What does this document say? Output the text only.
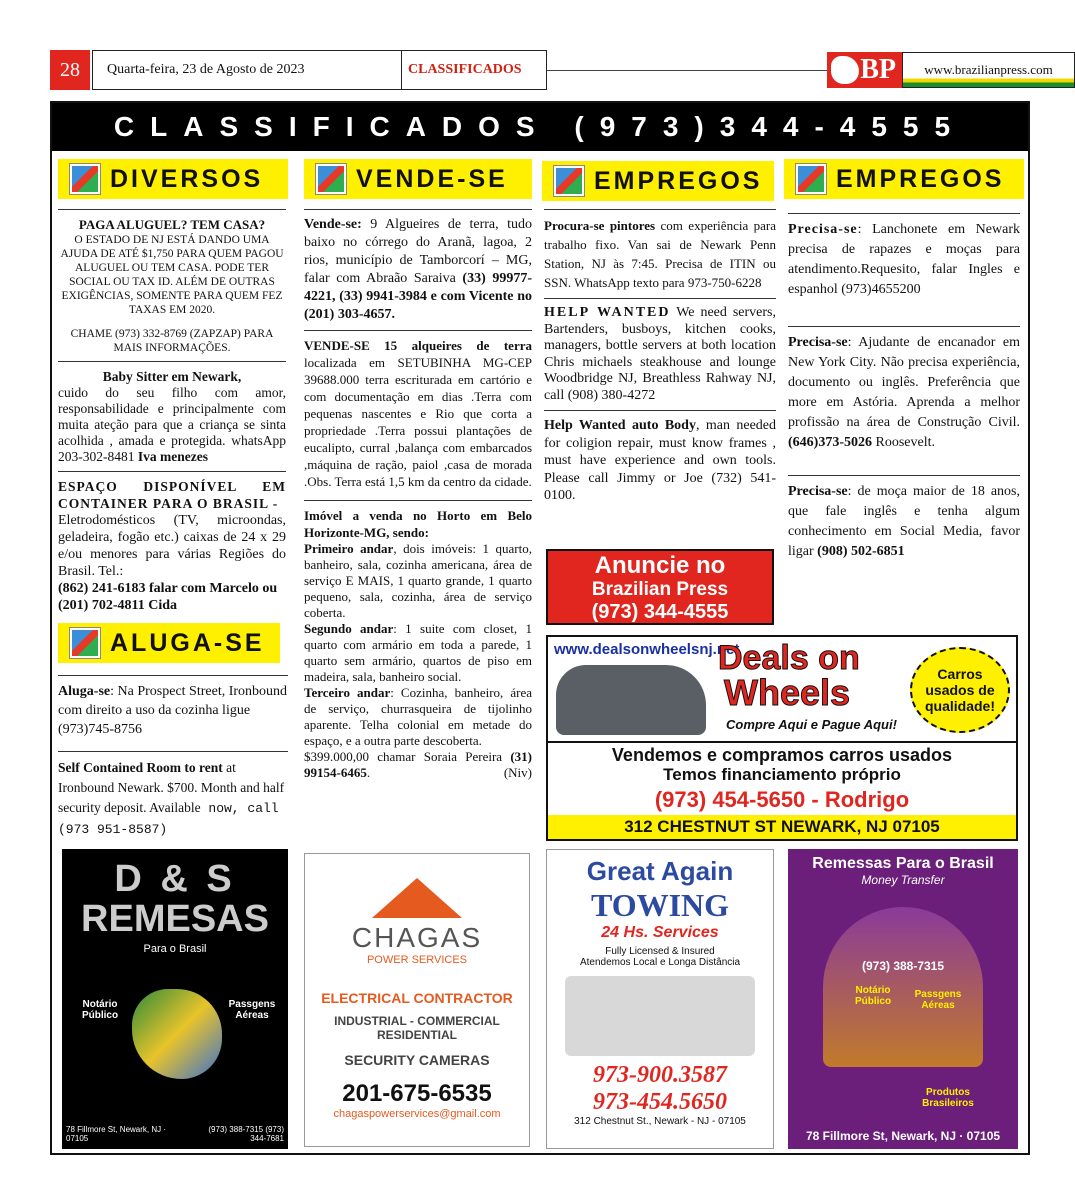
28	Quarta-feira, 23 de Agosto de 2023	CLASSIFICADOS	BP	www.brazilianpress.com
CLASSIFICADOS (973)344-4555
DIVERSOS	VENDE-SE	EMPREGOS	EMPREGOS
PAGA ALUGUEL? TEM CASA?
O ESTADO DE NJ ESTÁ DANDO UMA AJUDA DE ATÉ $1,750 PARA QUEM PAGOU ALUGUEL OU TEM CASA. PODE TER SOCIAL OU TAX ID. ALÉM DE OUTRAS EXIGÊNCIAS, SOMENTE PARA QUEM FEZ TAXAS EM 2020.
CHAME (973) 332-8769 (ZAPZAP) PARA MAIS INFORMAÇÕES.
Baby Sitter em Newark,
cuido do seu filho com amor, responsabilidade e principalmente com muita ateção para que a criança se sinta acolhida , amada e protegida. whatsApp 203-302-8481 Iva menezes
ESPAÇO DISPONÍVEL EM CONTAINER PARA O BRASIL -
Eletrodomésticos (TV, microondas, geladeira, fogão etc.) caixas de 24 x 29 e/ou menores para várias Regiões do Brasil. Tel.:
(862) 241-6183 falar com Marcelo ou (201) 702-4811 Cida
ALUGA-SE
Aluga-se: Na Prospect Street, Ironbound com direito a uso da cozinha ligue (973)745-8756
Self Contained Room to rent at Ironbound Newark. $700. Month and half security deposit. Available now, call (973 951-8587)
Vende-se: 9 Algueires de terra, tudo baixo no córrego do Aranã, lagoa, 2 rios, município de Tamborcorí – MG, falar com Abraão Saraiva (33) 99977-4221, (33) 9941-3984 e com Vicente no (201) 303-4657.
VENDE-SE 15 alqueires de terra localizada em SETUBINHA MG-CEP 39688.000 terra escriturada em cartório e com documentação em dias .Terra com pequenas nascentes e Rio que corta a propriedade .Terra possui plantações de eucalipto, curral ,balança com embarcados ,máquina de ração, paiol ,casa de morada .Obs. Terra está 1,5 km da centro da cidade.
Imóvel a venda no Horto em Belo Horizonte-MG, sendo:
Primeiro andar, dois imóveis: 1 quarto, banheiro, sala, cozinha americana, área de serviço E MAIS, 1 quarto grande, 1 quarto pequeno, sala, cozinha, área de serviço coberta.
Segundo andar: 1 suite com closet, 1 quarto com armário em toda a parede, 1 quarto sem armário, quartos de piso em madeira, sala, banheiro social.
Terceiro andar: Cozinha, banheiro, área de serviço, churrasqueira de tijolinho aparente. Telha colonial em metade do espaço, e a outra parte descoberta.
$399.000,00 chamar Soraia Pereira (31) 99154-6465.	(Niv)
Procura-se pintores com experiência para trabalho fixo. Van sai de Newark Penn Station, NJ às 7:45. Precisa de ITIN ou SSN. WhatsApp texto para 973-750-6228
HELP WANTED We need servers, Bartenders, busboys, kitchen cooks, managers, bottle servers at both location Chris michaels steakhouse and lounge Woodbridge NJ, Breathless Rahway NJ, call (908) 380-4272
Help Wanted auto Body, man needed for coligion repair, must know frames , must have experience and own tools. Please call Jimmy or Joe (732) 541-0100.
Precisa-se: Lanchonete em Newark precisa de rapazes e moças para atendimento.Requesito, falar Ingles e espanhol (973)4655200
Precisa-se: Ajudante de encanador em New York City. Não precisa experiência, documento ou inglês. Preferência que more em Astória. Aprenda a melhor profissão na área de Construção Civil. (646)373-5026 Roosevelt.
Precisa-se: de moça maior de 18 anos, que fale inglês e tenha algum conhecimento em Social Media, favor ligar (908) 502-6851
Anuncie no
Brazilian Press
(973) 344-4555
www.dealsonwheelsnj.net
Deals on
Wheels
Compre Aqui e Pague Aqui!
Carros usados de qualidade!
Vendemos e compramos carros usados
Temos financiamento próprio
(973) 454-5650 - Rodrigo
312 CHESTNUT ST NEWARK, NJ 07105
D & S
REMESAS
Para o Brasil
Notário Público
Passgens Aéreas
78 Fillmore St, Newark, NJ · 07105
(973) 388-7315 (973) 344-7681
CHAGAS
POWER SERVICES
ELECTRICAL CONTRACTOR
INDUSTRIAL - COMMERCIAL
RESIDENTIAL
SECURITY CAMERAS
201-675-6535
chagaspowerservices@gmail.com
Great Again
TOWING
24 Hs. Services
Fully Licensed & Insured
Atendemos Local e Longa Distância
973-900.3587
973-454.5650
312 Chestnut St., Newark - NJ - 07105
Remessas Para o Brasil
Money Transfer
(973) 388-7315
Notário Público
Passgens Aéreas
Produtos Brasileiros
78 Fillmore St, Newark, NJ · 07105
